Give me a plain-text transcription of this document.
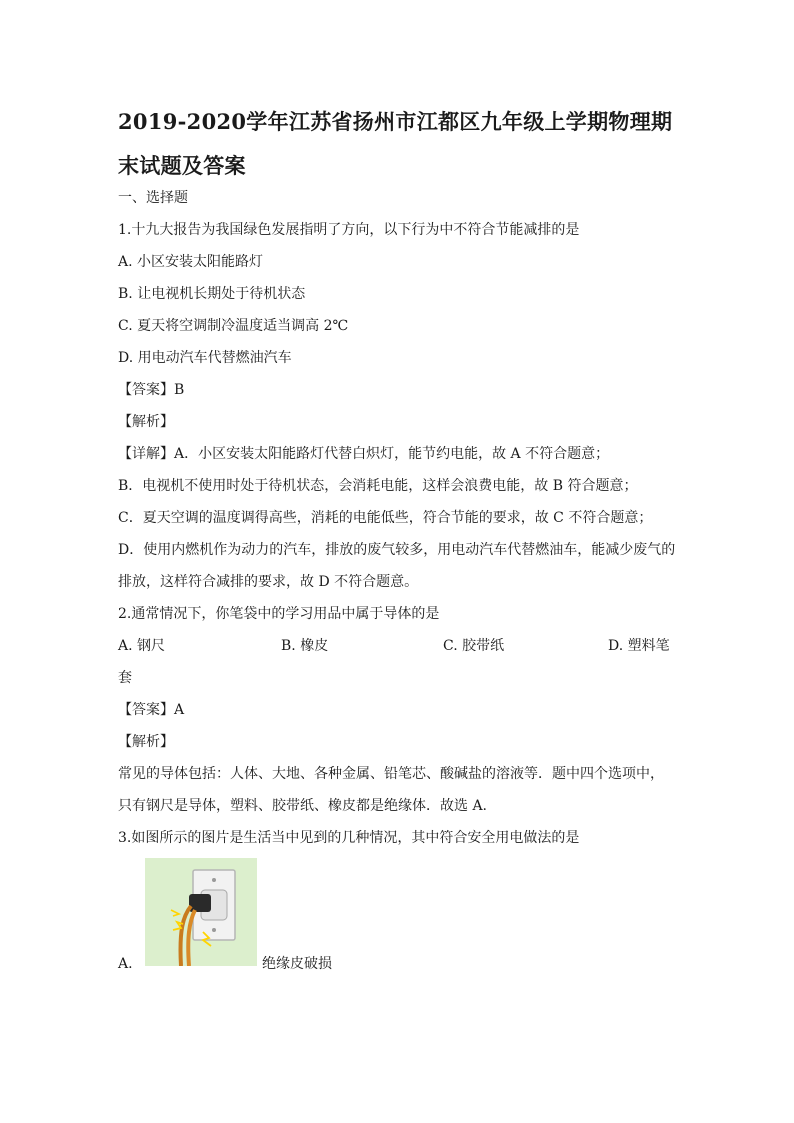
2019-2020学年江苏省扬州市江都区九年级上学期物理期末试题及答案
一、选择题
1.十九大报告为我国绿色发展指明了方向，以下行为中不符合节能减排的是
A. 小区安装太阳能路灯
B. 让电视机长期处于待机状态
C. 夏天将空调制冷温度适当调高 2℃
D. 用电动汽车代替燃油汽车
【答案】B
【解析】
【详解】A．小区安装太阳能路灯代替白炽灯，能节约电能，故 A 不符合题意；
B．电视机不使用时处于待机状态，会消耗电能，这样会浪费电能，故 B 符合题意；
C．夏天空调的温度调得高些，消耗的电能低些，符合节能的要求，故 C 不符合题意；
D．使用内燃机作为动力的汽车，排放的废气较多，用电动汽车代替燃油车，能减少废气的
排放，这样符合减排的要求，故 D 不符合题意。
2.通常情况下，你笔袋中的学习用品中属于导体的是
A. 钢尺	B. 橡皮	C. 胶带纸	D. 塑料笔
套
【答案】A
【解析】
常见的导体包括：人体、大地、各种金属、铅笔芯、酸碱盐的溶液等．题中四个选项中，
只有钢尺是导体，塑料、胶带纸、橡皮都是绝缘体．故选 A.
3.如图所示的图片是生活当中见到的几种情况，其中符合安全用电做法的是
A.	绝缘皮破损
